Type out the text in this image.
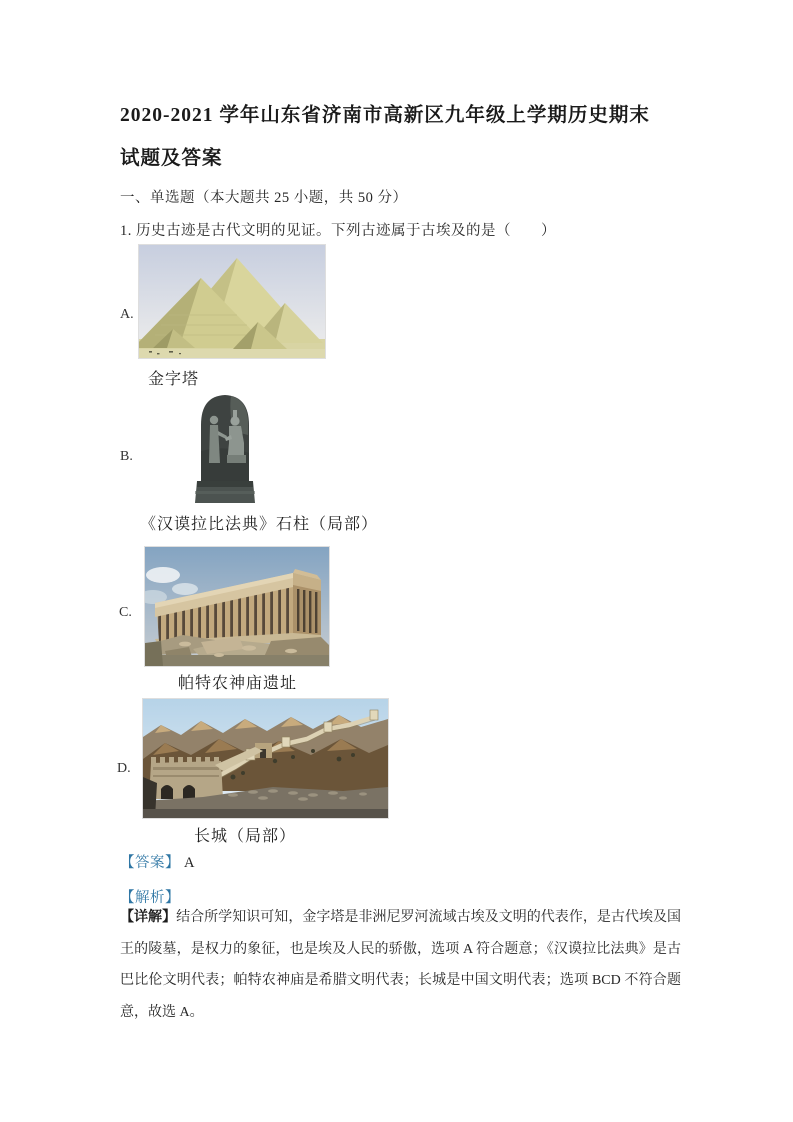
2020-2021 学年山东省济南市高新区九年级上学期历史期末
试题及答案
一、单选题（本大题共 25 小题，共 50 分）
1. 历史古迹是古代文明的见证。下列古迹属于古埃及的是（　　）
A.
金字塔
B.
《汉谟拉比法典》石柱（局部）
C.
帕特农神庙遗址
D.
长城（局部）
【答案】 A
【解析】
【详解】结合所学知识可知，金字塔是非洲尼罗河流域古埃及文明的代表作，是古代埃及国王的陵墓，是权力的象征，也是埃及人民的骄傲，选项 A 符合题意；《汉谟拉比法典》是古巴比伦文明代表；帕特农神庙是希腊文明代表；长城是中国文明代表；选项 BCD 不符合题意，故选 A。
